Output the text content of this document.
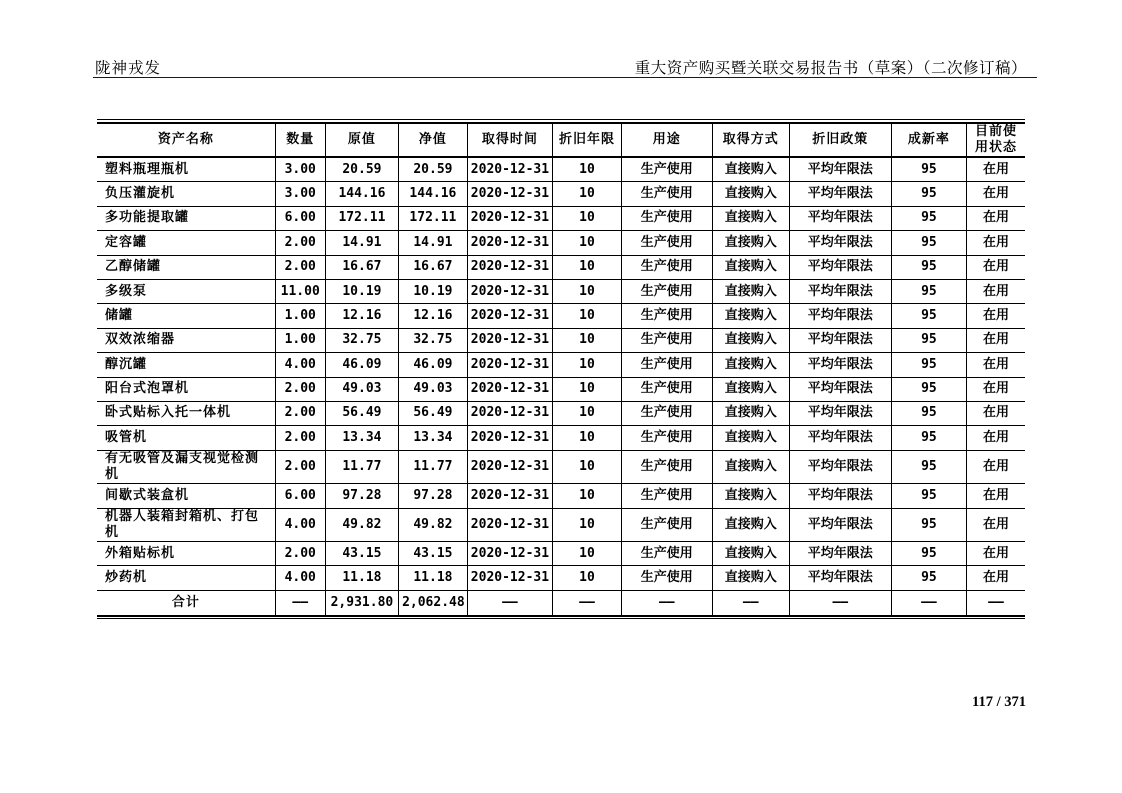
陇神戎发	重大资产购买暨关联交易报告书（草案）（二次修订稿）
资产名称	数量	原值	净值	取得时间	折旧年限	用途	取得方式	折旧政策	成新率	目前使用状态
塑料瓶理瓶机	3.00	20.59	20.59	2020-12-31	10	生产使用	直接购入	平均年限法	95	在用
负压灌旋机	3.00	144.16	144.16	2020-12-31	10	生产使用	直接购入	平均年限法	95	在用
多功能提取罐	6.00	172.11	172.11	2020-12-31	10	生产使用	直接购入	平均年限法	95	在用
定容罐	2.00	14.91	14.91	2020-12-31	10	生产使用	直接购入	平均年限法	95	在用
乙醇储罐	2.00	16.67	16.67	2020-12-31	10	生产使用	直接购入	平均年限法	95	在用
多级泵	11.00	10.19	10.19	2020-12-31	10	生产使用	直接购入	平均年限法	95	在用
储罐	1.00	12.16	12.16	2020-12-31	10	生产使用	直接购入	平均年限法	95	在用
双效浓缩器	1.00	32.75	32.75	2020-12-31	10	生产使用	直接购入	平均年限法	95	在用
醇沉罐	4.00	46.09	46.09	2020-12-31	10	生产使用	直接购入	平均年限法	95	在用
阳台式泡罩机	2.00	49.03	49.03	2020-12-31	10	生产使用	直接购入	平均年限法	95	在用
卧式贴标入托一体机	2.00	56.49	56.49	2020-12-31	10	生产使用	直接购入	平均年限法	95	在用
吸管机	2.00	13.34	13.34	2020-12-31	10	生产使用	直接购入	平均年限法	95	在用
有无吸管及漏支视觉检测机	2.00	11.77	11.77	2020-12-31	10	生产使用	直接购入	平均年限法	95	在用
间歇式装盒机	6.00	97.28	97.28	2020-12-31	10	生产使用	直接购入	平均年限法	95	在用
机器人装箱封箱机、打包机	4.00	49.82	49.82	2020-12-31	10	生产使用	直接购入	平均年限法	95	在用
外箱贴标机	2.00	43.15	43.15	2020-12-31	10	生产使用	直接购入	平均年限法	95	在用
炒药机	4.00	11.18	11.18	2020-12-31	10	生产使用	直接购入	平均年限法	95	在用
合计	——	2,931.80	2,062.48	——	——	——	——	——	——	——
117 / 371
